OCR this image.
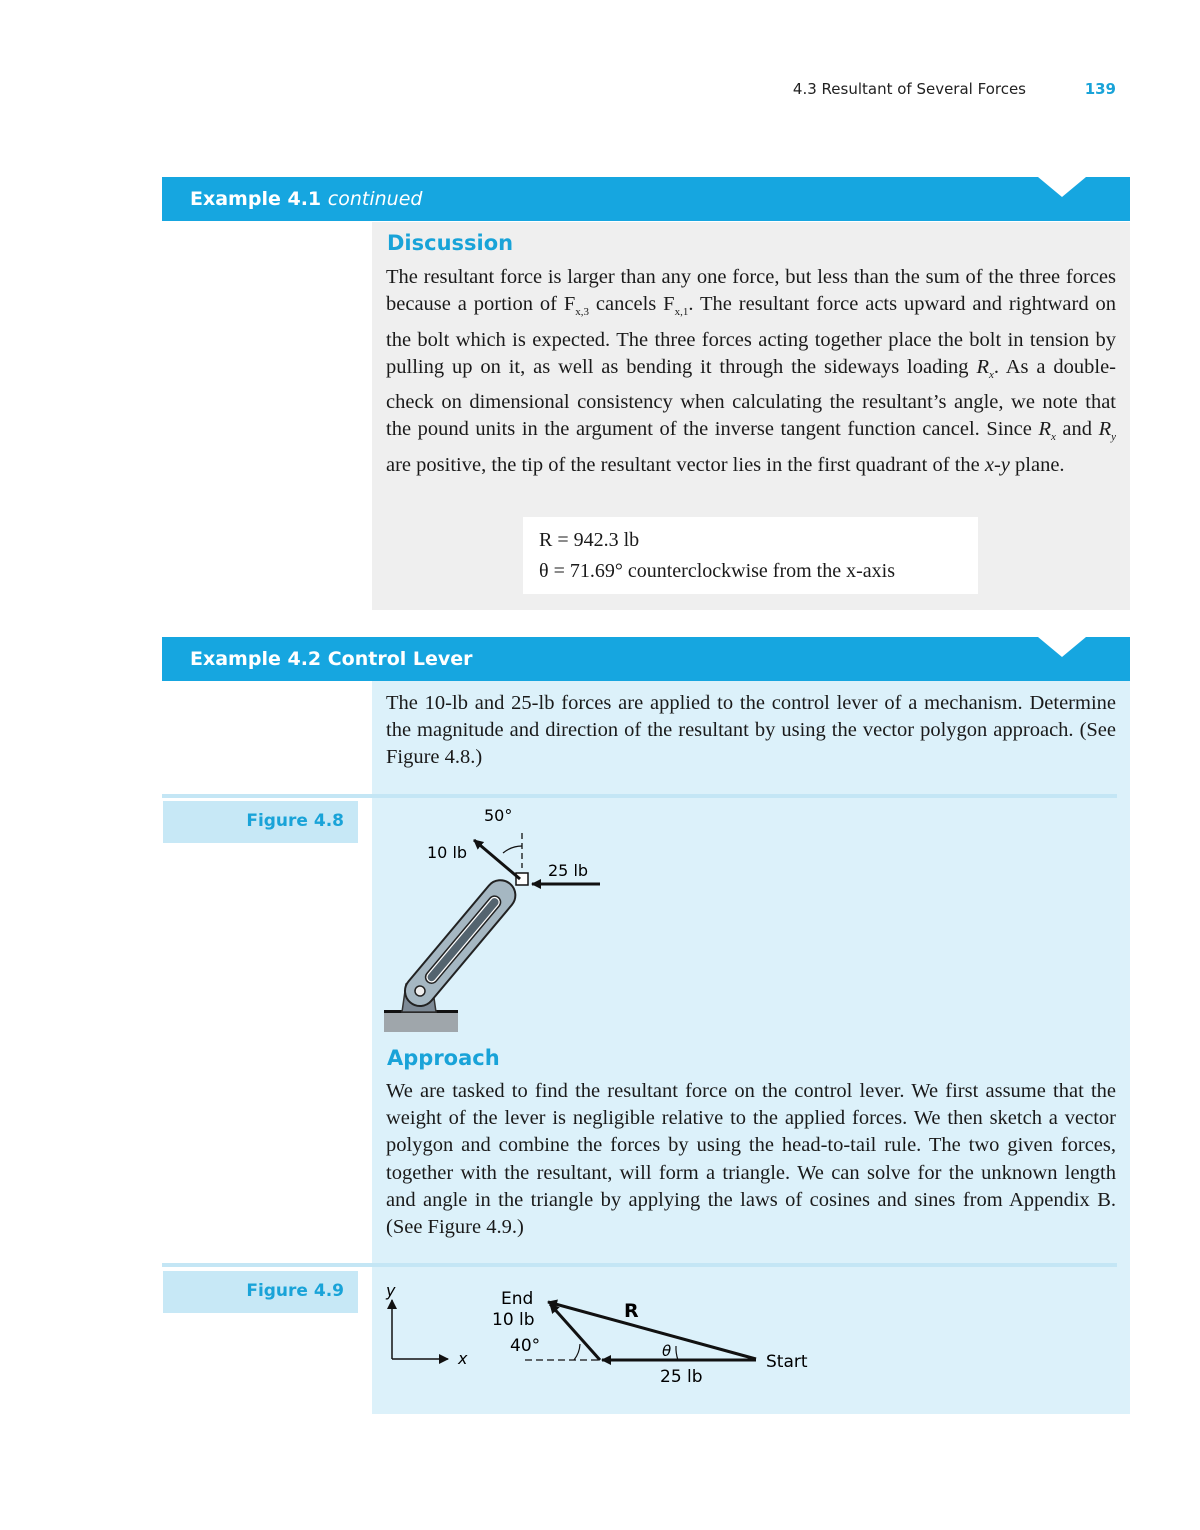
4.3 Resultant of Several Forces	139
Example 4.1 continued
Discussion
The resultant force is larger than any one force, but less than the sum of the three forces because a portion of $F_{x,3}$ cancels $F_{x,1}$. The resultant force acts upward and rightward on the bolt which is expected. The three forces acting together place the bolt in tension by pulling up on it, as well as bending it through the sideways loading $R_x$. As a double-check on dimensional consistency when calculating the resultant’s angle, we note that the pound units in the argument of the inverse tangent function cancel. Since $R_x$ and $R_y$ are positive, the tip of the resultant vector lies in the first quadrant of the x-y plane.
R = 942.3 lb
θ = 71.69° counterclockwise from the x-axis
Example 4.2 Control Lever
The 10-lb and 25-lb forces are applied to the control lever of a mechanism. Determine the magnitude and direction of the resultant by using the vector polygon approach. (See Figure 4.8.)
Figure 4.8	50°
10 lb
25 lb
Approach
We are tasked to find the resultant force on the control lever. We first assume that the weight of the lever is negligible relative to the applied forces. We then sketch a vector polygon and combine the forces by using the head-to-tail rule. The two given forces, together with the resultant, will form a triangle. We can solve for the unknown length and angle in the triangle by applying the laws of cosines and sines from Appendix B. (See Figure 4.9.)
Figure 4.9	y
x
End
10 lb
40°
R
θ
25 lb
Start
